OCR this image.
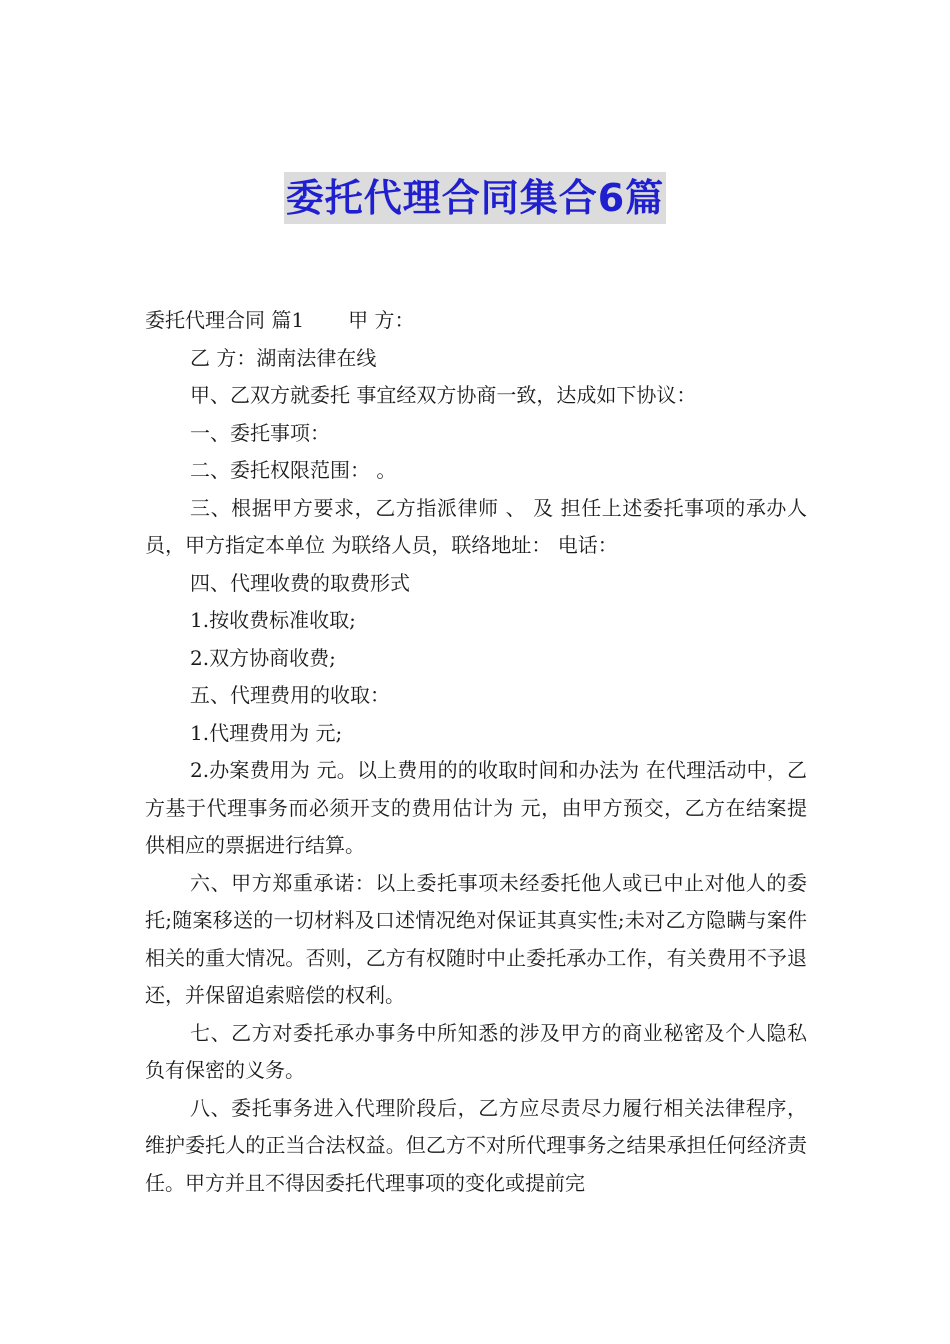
委托代理合同集合6篇

委托代理合同 篇1 甲 方：

乙 方：湖南法律在线

甲、乙双方就委托 事宜经双方协商一致，达成如下协议：

一、委托事项：

二、委托权限范围： 。

三、根据甲方要求，乙方指派律师 、 及 担任上述委托事项的承办人员，甲方指定本单位 为联络人员，联络地址： 电话：

四、代理收费的取费形式

1.按收费标准收取;

2.双方协商收费;

五、代理费用的收取：

1.代理费用为 元;

2.办案费用为 元。以上费用的的收取时间和办法为 在代理活动中，乙方基于代理事务而必须开支的费用估计为 元，由甲方预交，乙方在结案提供相应的票据进行结算。

六、甲方郑重承诺：以上委托事项未经委托他人或已中止对他人的委托;随案移送的一切材料及口述情况绝对保证其真实性;未对乙方隐瞒与案件相关的重大情况。否则，乙方有权随时中止委托承办工作，有关费用不予退还，并保留追索赔偿的权利。

七、乙方对委托承办事务中所知悉的涉及甲方的商业秘密及个人隐私负有保密的义务。

八、委托事务进入代理阶段后，乙方应尽责尽力履行相关法律程序，维护委托人的正当合法权益。但乙方不对所代理事务之结果承担任何经济责任。甲方并且不得因委托代理事项的变化或提前完
